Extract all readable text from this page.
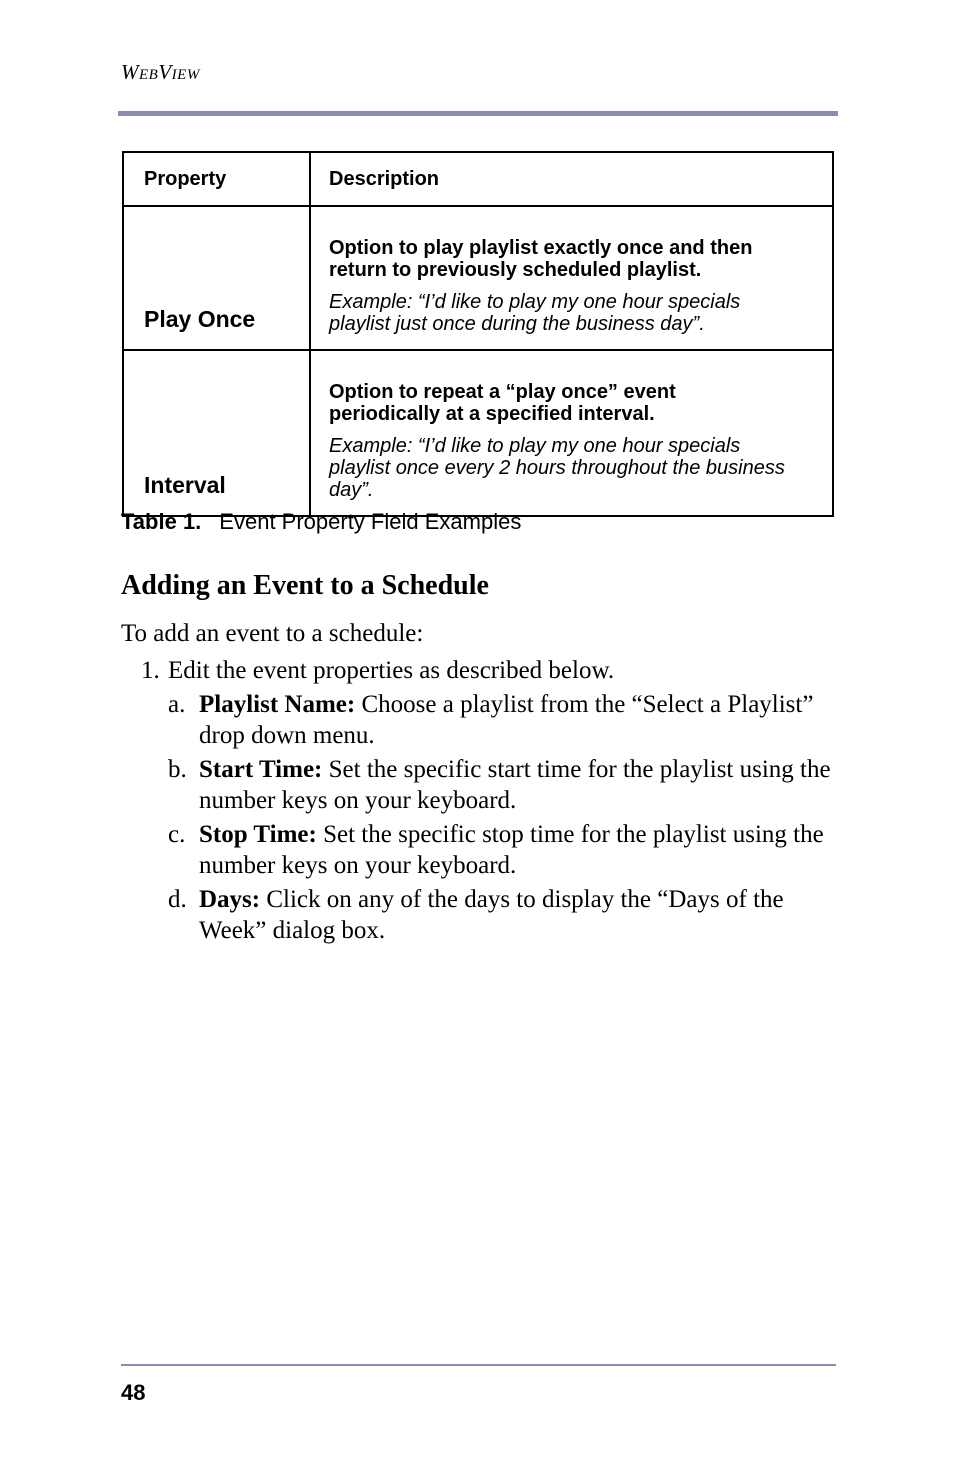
WEBVIEW
Property	Description
Play Once	Option to play playlist exactly once and then return to previously scheduled playlist.
Example: “I’d like to play my one hour specials playlist just once during the business day”.

Interval	Option to repeat a “play once” event periodically at a specified interval.
Example: “I’d like to play my one hour specials playlist once every 2 hours throughout the business day”.
Table 1. Event Property Field Examples
Adding an Event to a Schedule

To add an event to a schedule:

1. Edit the event properties as described below.
a. Playlist Name: Choose a playlist from the “Select a Playlist” drop down menu.
b. Start Time: Set the specific start time for the playlist using the number keys on your keyboard.
c. Stop Time: Set the specific stop time for the playlist using the number keys on your keyboard.
d. Days: Click on any of the days to display the “Days of the Week” dialog box.
48
